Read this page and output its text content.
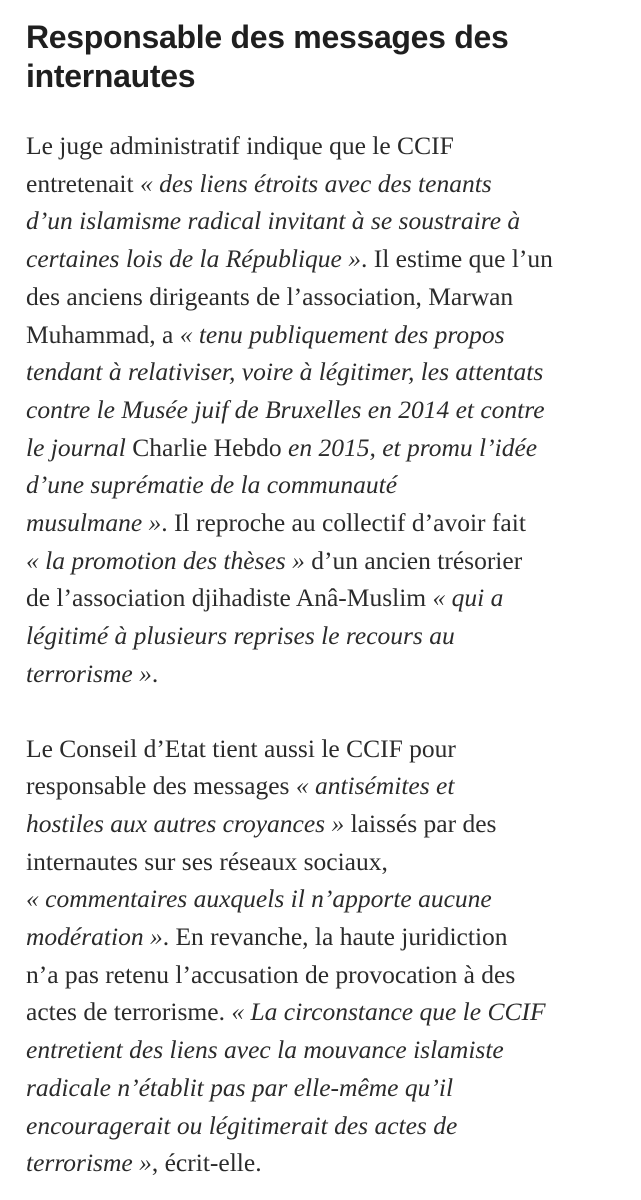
Responsable des messages des
internautes

Le juge administratif indique que le CCIF
entretenait « des liens étroits avec des tenants
d’un islamisme radical invitant à se soustraire à
certaines lois de la République ». Il estime que l’un
des anciens dirigeants de l’association, Marwan
Muhammad, a « tenu publiquement des propos
tendant à relativiser, voire à légitimer, les attentats
contre le Musée juif de Bruxelles en 2014 et contre
le journal Charlie Hebdo en 2015, et promu l’idée
d’une suprématie de la communauté
musulmane ». Il reproche au collectif d’avoir fait
« la promotion des thèses » d’un ancien trésorier
de l’association djihadiste Anâ-Muslim « qui a
légitimé à plusieurs reprises le recours au
terrorisme ».

Le Conseil d’Etat tient aussi le CCIF pour
responsable des messages « antisémites et
hostiles aux autres croyances » laissés par des
internautes sur ses réseaux sociaux,
« commentaires auxquels il n’apporte aucune
modération ». En revanche, la haute juridiction
n’a pas retenu l’accusation de provocation à des
actes de terrorisme. « La circonstance que le CCIF
entretient des liens avec la mouvance islamiste
radicale n’établit pas par elle-même qu’il
encouragerait ou légitimerait des actes de
terrorisme », écrit-elle.
